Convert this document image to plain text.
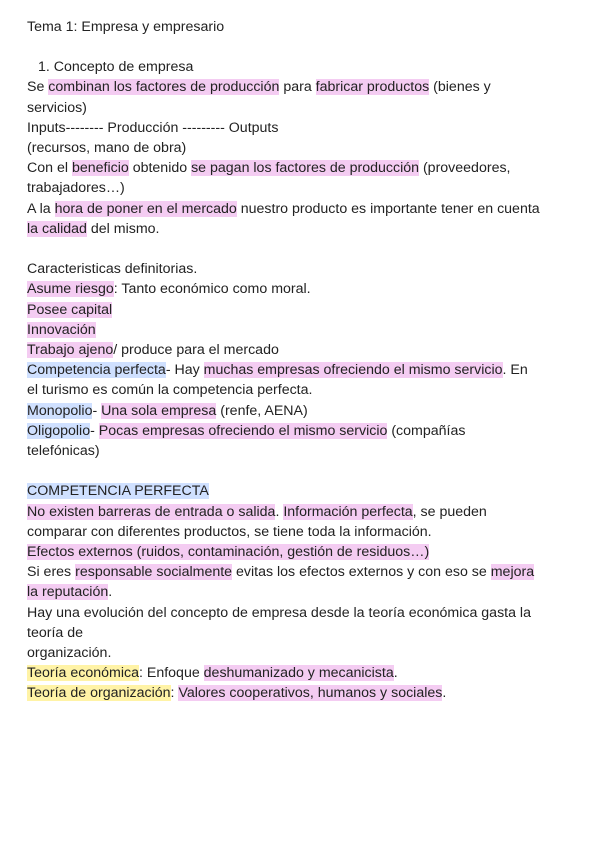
Tema 1: Empresa y empresario
1. Concepto de empresa
Se combinan los factores de producción para fabricar productos (bienes y
servicios)
Inputs-------- Producción --------- Outputs
(recursos, mano de obra)
Con el beneficio obtenido se pagan los factores de producción (proveedores,
trabajadores…)
A la hora de poner en el mercado nuestro producto es importante tener en cuenta
la calidad del mismo.
Caracteristicas definitorias.
Asume riesgo: Tanto económico como moral.
Posee capital
Innovación
Trabajo ajeno/ produce para el mercado
Competencia perfecta- Hay muchas empresas ofreciendo el mismo servicio. En
el turismo es común la competencia perfecta.
Monopolio- Una sola empresa (renfe, AENA)
Oligopolio- Pocas empresas ofreciendo el mismo servicio (compañías
telefónicas)
COMPETENCIA PERFECTA
No existen barreras de entrada o salida. Información perfecta, se pueden
comparar con diferentes productos, se tiene toda la información.
Efectos externos (ruidos, contaminación, gestión de residuos…)
Si eres responsable socialmente evitas los efectos externos y con eso se mejora
la reputación.
Hay una evolución del concepto de empresa desde la teoría económica gasta la
teoría de
organización.
Teoría económica: Enfoque deshumanizado y mecanicista.
Teoría de organización: Valores cooperativos, humanos y sociales.
